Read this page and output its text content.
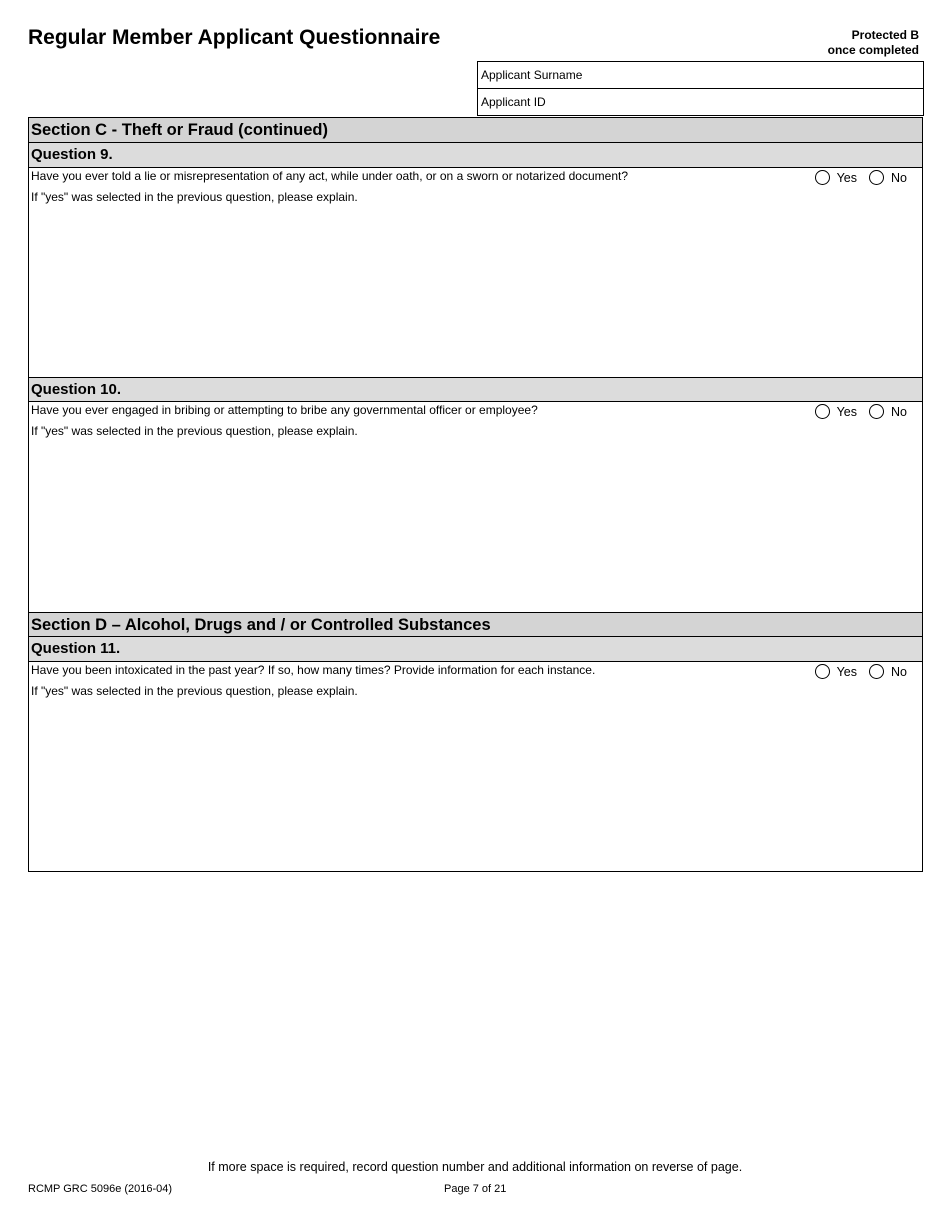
Regular Member Applicant Questionnaire	Protected B
once completed
Applicant Surname
Applicant ID
Section C - Theft or Fraud (continued)
Question 9.
Have you ever told a lie or misrepresentation of any act, while under oath, or on a sworn or notarized document?	Yes	No
If "yes" was selected in the previous question, please explain.
Question 10.
Have you ever engaged in bribing or attempting to bribe any governmental officer or employee?	Yes	No
If "yes" was selected in the previous question, please explain.
Section D – Alcohol, Drugs and / or Controlled Substances
Question 11.
Have you been intoxicated in the past year? If so, how many times? Provide information for each instance.	Yes	No
If "yes" was selected in the previous question, please explain.
If more space is required, record question number and additional information on reverse of page.
RCMP GRC 5096e (2016-04)	Page 7 of 21
